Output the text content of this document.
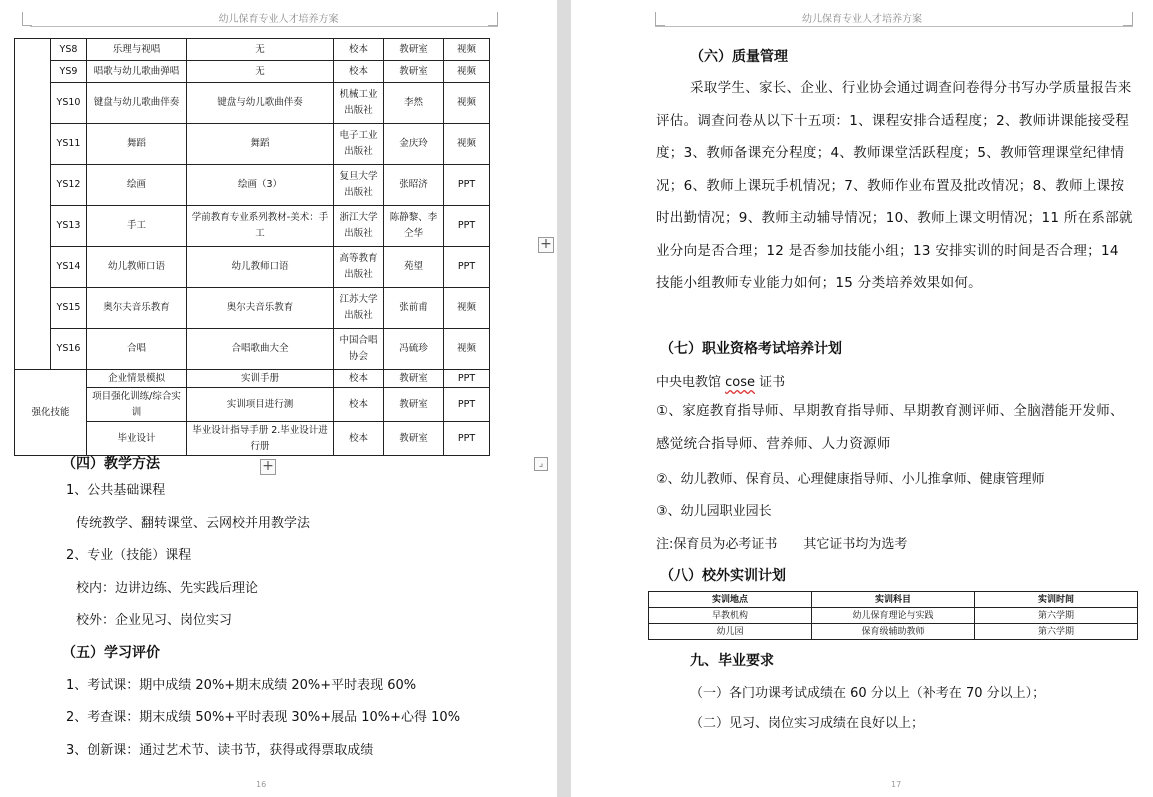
幼儿保育专业人才培养方案
	YS8	乐理与视唱	无	校本	教研室	视频
	YS9	唱歌与幼儿歌曲弹唱	无	校本	教研室	视频
	YS10	键盘与幼儿歌曲伴奏	键盘与幼儿歌曲伴奏	机械工业出版社	李然	视频
	YS11	舞蹈	舞蹈	电子工业出版社	金庆玲	视频
	YS12	绘画	绘画（3）	复旦大学出版社	张昭济	PPT
	YS13	手工	学前教育专业系列教材-美术：手工	浙江大学出版社	陈静黎、李仝华	PPT
	YS14	幼儿教师口语	幼儿教师口语	高等教育出版社	苑望	PPT
	YS15	奥尔夫音乐教育	奥尔夫音乐教育	江苏大学出版社	张前甫	视频
	YS16	合唱	合唱歌曲大全	中国合唱协会	冯硫珍	视频
强化技能		企业情景模拟	实训手册	校本	教研室	PPT
		项目强化训练/综合实训	实训项目进行测	校本	教研室	PPT
		毕业设计	毕业设计指导手册 2.毕业设计进行册	校本	教研室	PPT
+	⌟
（四）教学方法
1、公共基础课程
传统教学、翻转课堂、云网校并用教学法
2、专业（技能）课程
校内：边讲边练、先实践后理论
校外：企业见习、岗位实习
（五）学习评价
1、考试课：期中成绩 20%+期末成绩 20%+平时表现 60%
2、考查课：期末成绩 50%+平时表现 30%+展品 10%+心得 10%
3、创新课：通过艺术节、读书节，获得或得票取成绩
16
+
幼儿保育专业人才培养方案
17
（六）质量管理
采取学生、家长、企业、行业协会通过调查问卷得分书写办学质量报告来评估。调查问卷从以下十五项：1、课程安排合适程度；2、教师讲课能接受程度；3、教师备课充分程度；4、教师课堂活跃程度；5、教师管理课堂纪律情况；6、教师上课玩手机情况；7、教师作业布置及批改情况；8、教师上课按时出勤情况；9、教师主动辅导情况；10、教师上课文明情况；11 所在系部就业分向是否合理；12 是否参加技能小组；13 安排实训的时间是否合理；14 技能小组教师专业能力如何；15 分类培养效果如何。
（七）职业资格考试培养计划
中央电教馆 cose 证书
①、家庭教育指导师、早期教育指导师、早期教育测评师、全脑潜能开发师、感觉统合指导师、营养师、人力资源师
②、幼儿教师、保育员、心理健康指导师、小儿推拿师、健康管理师
③、幼儿园职业园长
注:保育员为必考证书　　其它证书均为选考
（八）校外实训计划
实训地点	实训科目	实训时间
早教机构	幼儿保育理论与实践	第六学期
幼儿园	保育级辅助教师	第六学期
九、毕业要求
（一）各门功课考试成绩在 60 分以上（补考在 70 分以上）；
（二）见习、岗位实习成绩在良好以上；
